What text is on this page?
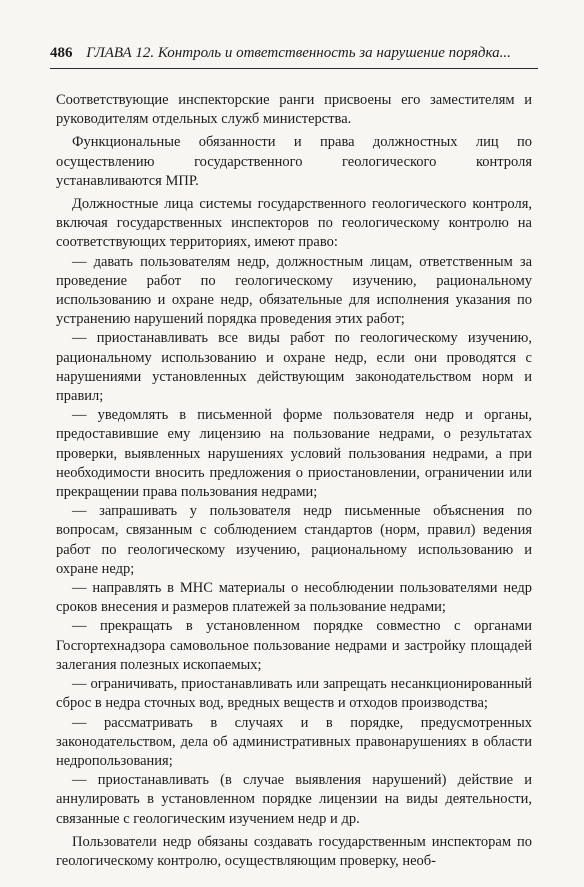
486 ГЛАВА 12. Контроль и ответственность за нарушение порядка...

Соответствующие инспекторские ранги присвоены его заместителям и руководителям отдельных служб министерства.

Функциональные обязанности и права должностных лиц по осуществлению государственного геологического контроля устанавливаются МПР.

Должностные лица системы государственного геологического контроля, включая государственных инспекторов по геологическому контролю на соответствующих территориях, имеют право:

— давать пользователям недр, должностным лицам, ответственным за проведение работ по геологическому изучению, рациональному использованию и охране недр, обязательные для исполнения указания по устранению нарушений порядка проведения этих работ;

— приостанавливать все виды работ по геологическому изучению, рациональному использованию и охране недр, если они проводятся с нарушениями установленных действующим законодательством норм и правил;

— уведомлять в письменной форме пользователя недр и органы, предоставившие ему лицензию на пользование недрами, о результатах проверки, выявленных нарушениях условий пользования недрами, а при необходимости вносить предложения о приостановлении, ограничении или прекращении права пользования недрами;

— запрашивать у пользователя недр письменные объяснения по вопросам, связанным с соблюдением стандартов (норм, правил) ведения работ по геологическому изучению, рациональному использованию и охране недр;

— направлять в МНС материалы о несоблюдении пользователями недр сроков внесения и размеров платежей за пользование недрами;

— прекращать в установленном порядке совместно с органами Госгортехнадзора самовольное пользование недрами и застройку площадей залегания полезных ископаемых;

— ограничивать, приостанавливать или запрещать несанкционированный сброс в недра сточных вод, вредных веществ и отходов производства;

— рассматривать в случаях и в порядке, предусмотренных законодательством, дела об административных правонарушениях в области недропользования;

— приостанавливать (в случае выявления нарушений) действие и аннулировать в установленном порядке лицензии на виды деятельности, связанные с геологическим изучением недр и др.

Пользователи недр обязаны создавать государственным инспекторам по геологическому контролю, осуществляющим проверку, необ-
